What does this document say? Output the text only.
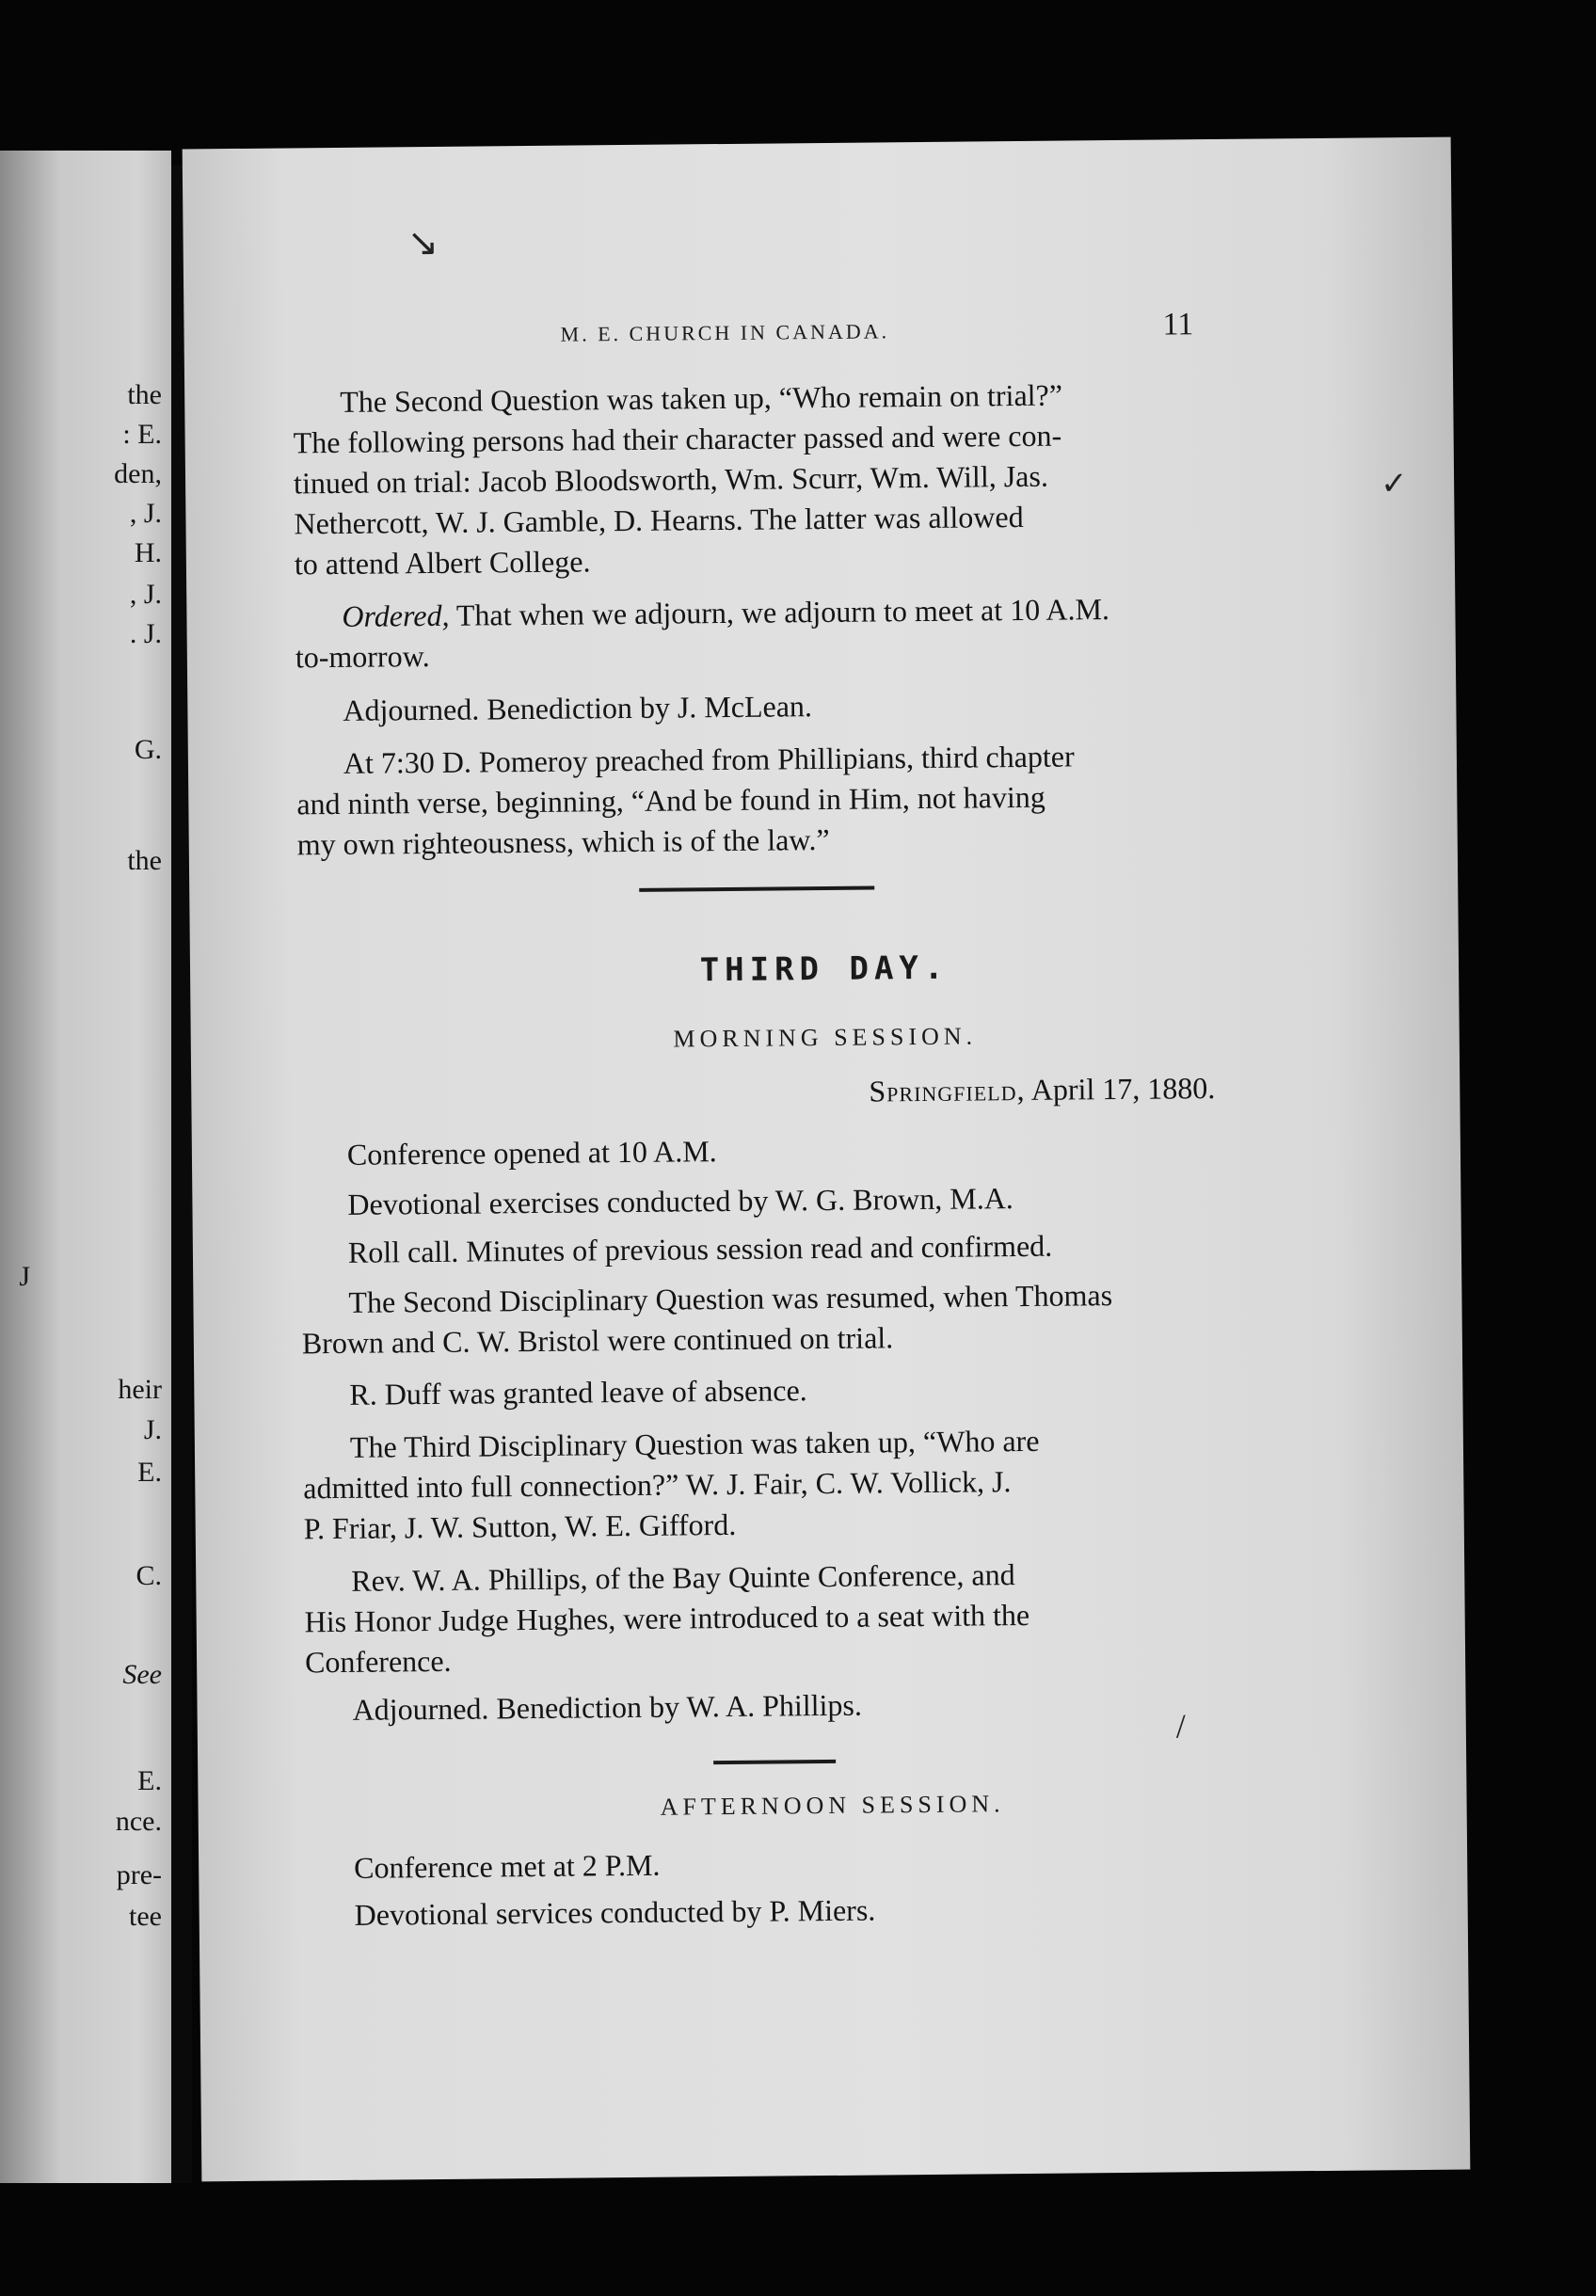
the

: E.

den,

, J.

H.

, J.

. J.

G.

the

J

heir

J.

E.

C.

See

E.

nce.

pre-

tee

↘
✓
/

M. E. CHURCH IN CANADA.	11

The Second Question was taken up, “Who remain on trial?”

The following persons had their character passed and were con-

tinued on trial: Jacob Bloodsworth, Wm. Scurr, Wm. Will, Jas.

Nethercott, W. J. Gamble, D. Hearns. The latter was allowed

to attend Albert College.

Ordered, That when we adjourn, we adjourn to meet at 10 A.M.

to-morrow.

Adjourned. Benediction by J. McLean.

At 7:30 D. Pomeroy preached from Phillipians, third chapter

and ninth verse, beginning, “And be found in Him, not having

my own righteousness, which is of the law.”

THIRD DAY.

MORNING SESSION.

Springfield, April 17, 1880.

Conference opened at 10 A.M.

Devotional exercises conducted by W. G. Brown, M.A.

Roll call. Minutes of previous session read and confirmed.

The Second Disciplinary Question was resumed, when Thomas

Brown and C. W. Bristol were continued on trial.

R. Duff was granted leave of absence.

The Third Disciplinary Question was taken up, “Who are

admitted into full connection?” W. J. Fair, C. W. Vollick, J.

P. Friar, J. W. Sutton, W. E. Gifford.

Rev. W. A. Phillips, of the Bay Quinte Conference, and

His Honor Judge Hughes, were introduced to a seat with the

Conference.

Adjourned. Benediction by W. A. Phillips.

AFTERNOON SESSION.

Conference met at 2 P.M.

Devotional services conducted by P. Miers.
